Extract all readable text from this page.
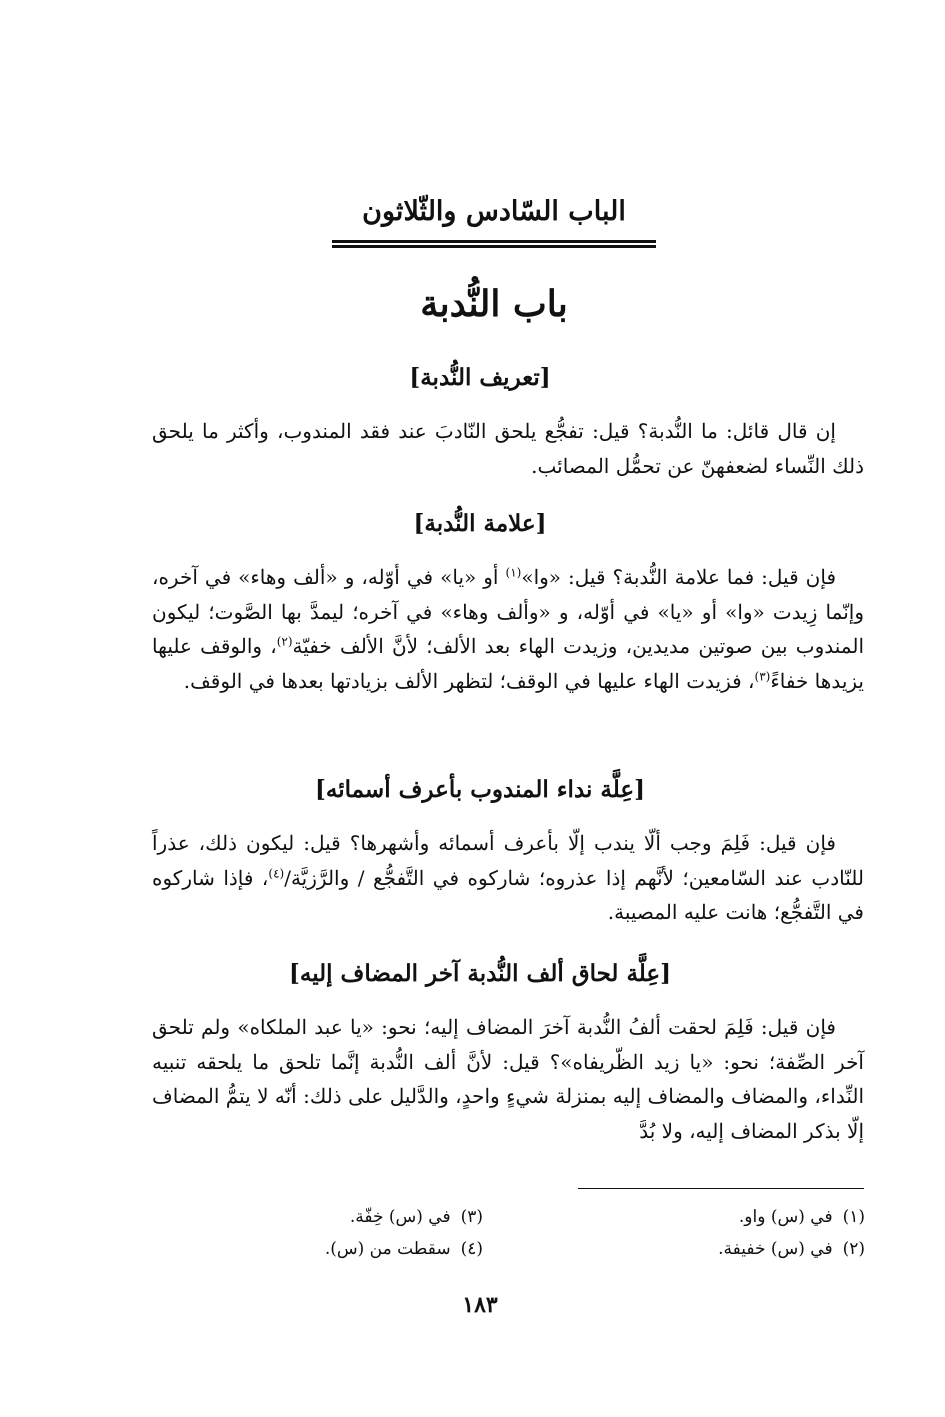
الباب السّادس والثّلاثون
باب النُّدبة
[تعريف النُّدبة]

إن قال قائل: ما النُّدبة؟ قيل: تفجُّع يلحق النّادبَ عند فقد المندوب، وأكثر ما يلحق ذلك النِّساء لضعفهنّ عن تحمُّل المصائب.

[علامة النُّدبة]

فإن قيل: فما علامة النُّدبة؟ قيل: «وا»$^{(١)}$ أو «يا» في أوّله، و «ألف وهاء» في آخره، وإنّما زِيدت «وا» أو «يا» في أوّله، و «وألف وهاء» في آخره؛ ليمدَّ بها الصَّوت؛ ليكون المندوب بين صوتين مديدين، وزيدت الهاء بعد الألف؛ لأنَّ الألف خفيّة$^{(٢)}$، والوقف عليها يزيدها خفاءً$^{(٣)}$، فزيدت الهاء عليها في الوقف؛ لتظهر الألف بزيادتها بعدها في الوقف.

[عِلَّة نداء المندوب بأعرف أسمائه]

فإن قيل: فَلِمَ وجب ألّا يندب إلّا بأعرف أسمائه وأشهرها؟ قيل: ليكون ذلك، عذراً للنّادب عند السّامعين؛ لأنَّهم إذا عذروه؛ شاركوه في التَّفجُّع / والرَّزيَّة/$^{(٤)}$، فإذا شاركوه في التَّفجُّع؛ هانت عليه المصيبة.

[عِلَّة لحاق ألف النُّدبة آخر المضاف إليه]

فإن قيل: فَلِمَ لحقت ألفُ النُّدبة آخرَ المضاف إليه؛ نحو: «يا عبد الملكاه» ولم تلحق آخر الصِّفة؛ نحو: «يا زيد الظّريفاه»؟ قيل: لأنَّ ألف النُّدبة إنَّما تلحق ما يلحقه تنبيه النِّداء، والمضاف والمضاف إليه بمنزلة شيءٍ واحدٍ، والدَّليل على ذلك: أنّه لا يتمُّ المضاف إلّا بذكر المضاف إليه، ولا بُدَّ

(١)في (س) واو.

(٢)في (س) خفيفة.

(٣)في (س) خِفّة.

(٤)سقطت من (س).

١٨٣
